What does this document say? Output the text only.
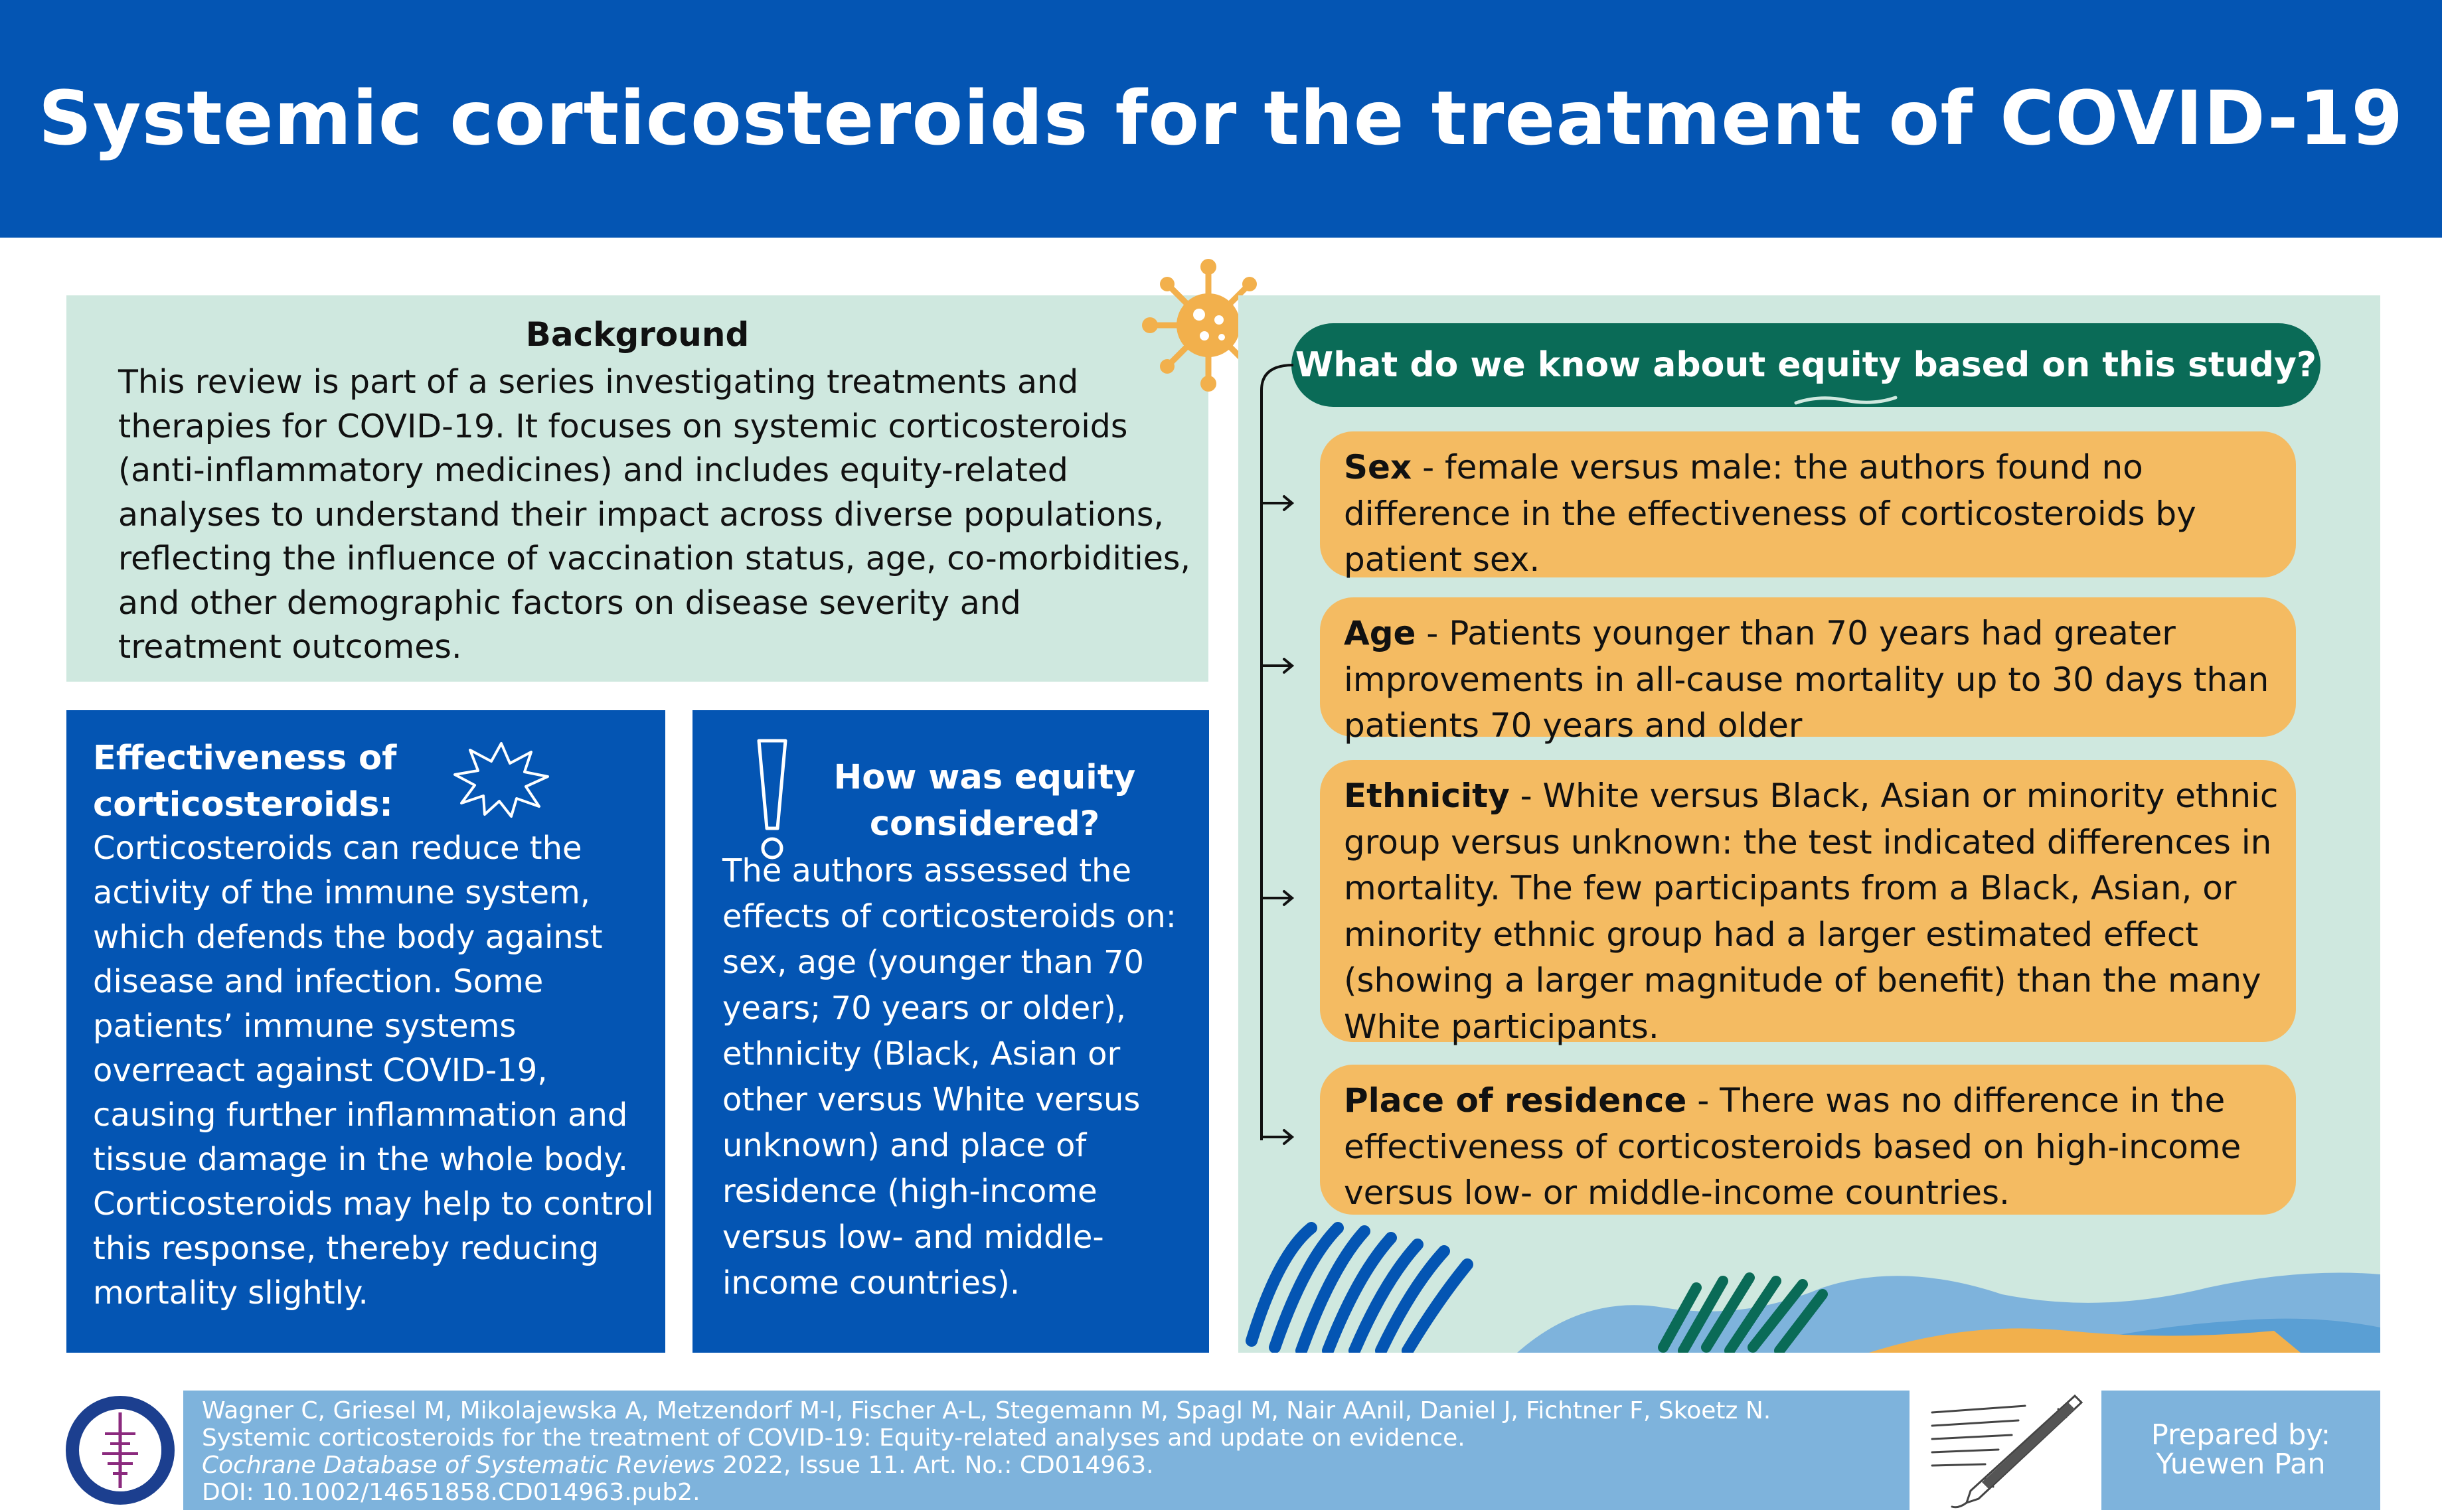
Systemic corticosteroids for the treatment of COVID-19
Background

This review is part of a series investigating treatments and therapies for COVID-19. It focuses on systemic corticosteroids (anti-inflammatory medicines) and includes equity-related analyses to understand their impact across diverse populations, reflecting the influence of vaccination status, age, co-morbidities, and other demographic factors on disease severity and treatment outcomes.

Effectiveness of corticosteroids:

Corticosteroids can reduce the activity of the immune system, which defends the body against disease and infection. Some patients’ immune systems overreact against COVID-19, causing further inflammation and tissue damage in the whole body. Corticosteroids may help to control this response, thereby reducing mortality slightly.

How was equity considered?

The authors assessed the effects of corticosteroids on: sex, age (younger than 70 years; 70 years or older), ethnicity (Black, Asian or other versus White versus unknown) and place of residence (high-income versus low- and middle-income countries).

What do we know about equity based on this study?

Sex - female versus male: the authors found no difference in the effectiveness of corticosteroids by patient sex.

Age - Patients younger than 70 years had greater improvements in all-cause mortality up to 30 days than patients 70 years and older

Ethnicity - White versus Black, Asian or minority ethnic group versus unknown: the test indicated differences in mortality. The few participants from a Black, Asian, or minority ethnic group had a larger estimated effect (showing a larger magnitude of benefit) than the many White participants.

Place of residence - There was no difference in the effectiveness of corticosteroids based on high-income versus low- or middle-income countries.

Wagner C, Griesel M, Mikolajewska A, Metzendorf M-I, Fischer A-L, Stegemann M, Spagl M, Nair AAnil, Daniel J, Fichtner F, Skoetz N.

Systemic corticosteroids for the treatment of COVID-19: Equity-related analyses and update on evidence.

Cochrane Database of Systematic Reviews 2022, Issue 11. Art. No.: CD014963.

DOI: 10.1002/14651858.CD014963.pub2.

Prepared by:
Yuewen Pan
